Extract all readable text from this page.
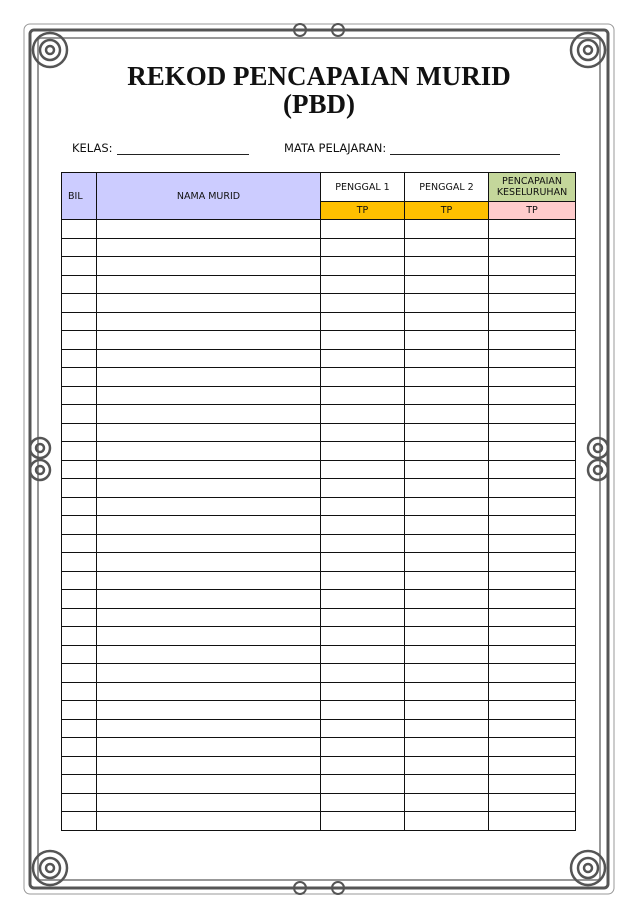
REKOD PENCAPAIAN MURID
(PBD)
KELAS:	MATA PELAJARAN:
BIL	NAMA MURID	PENGGAL 1	PENGGAL 2	PENCAPAIAN KESELURUHAN
		TP	TP	TP
